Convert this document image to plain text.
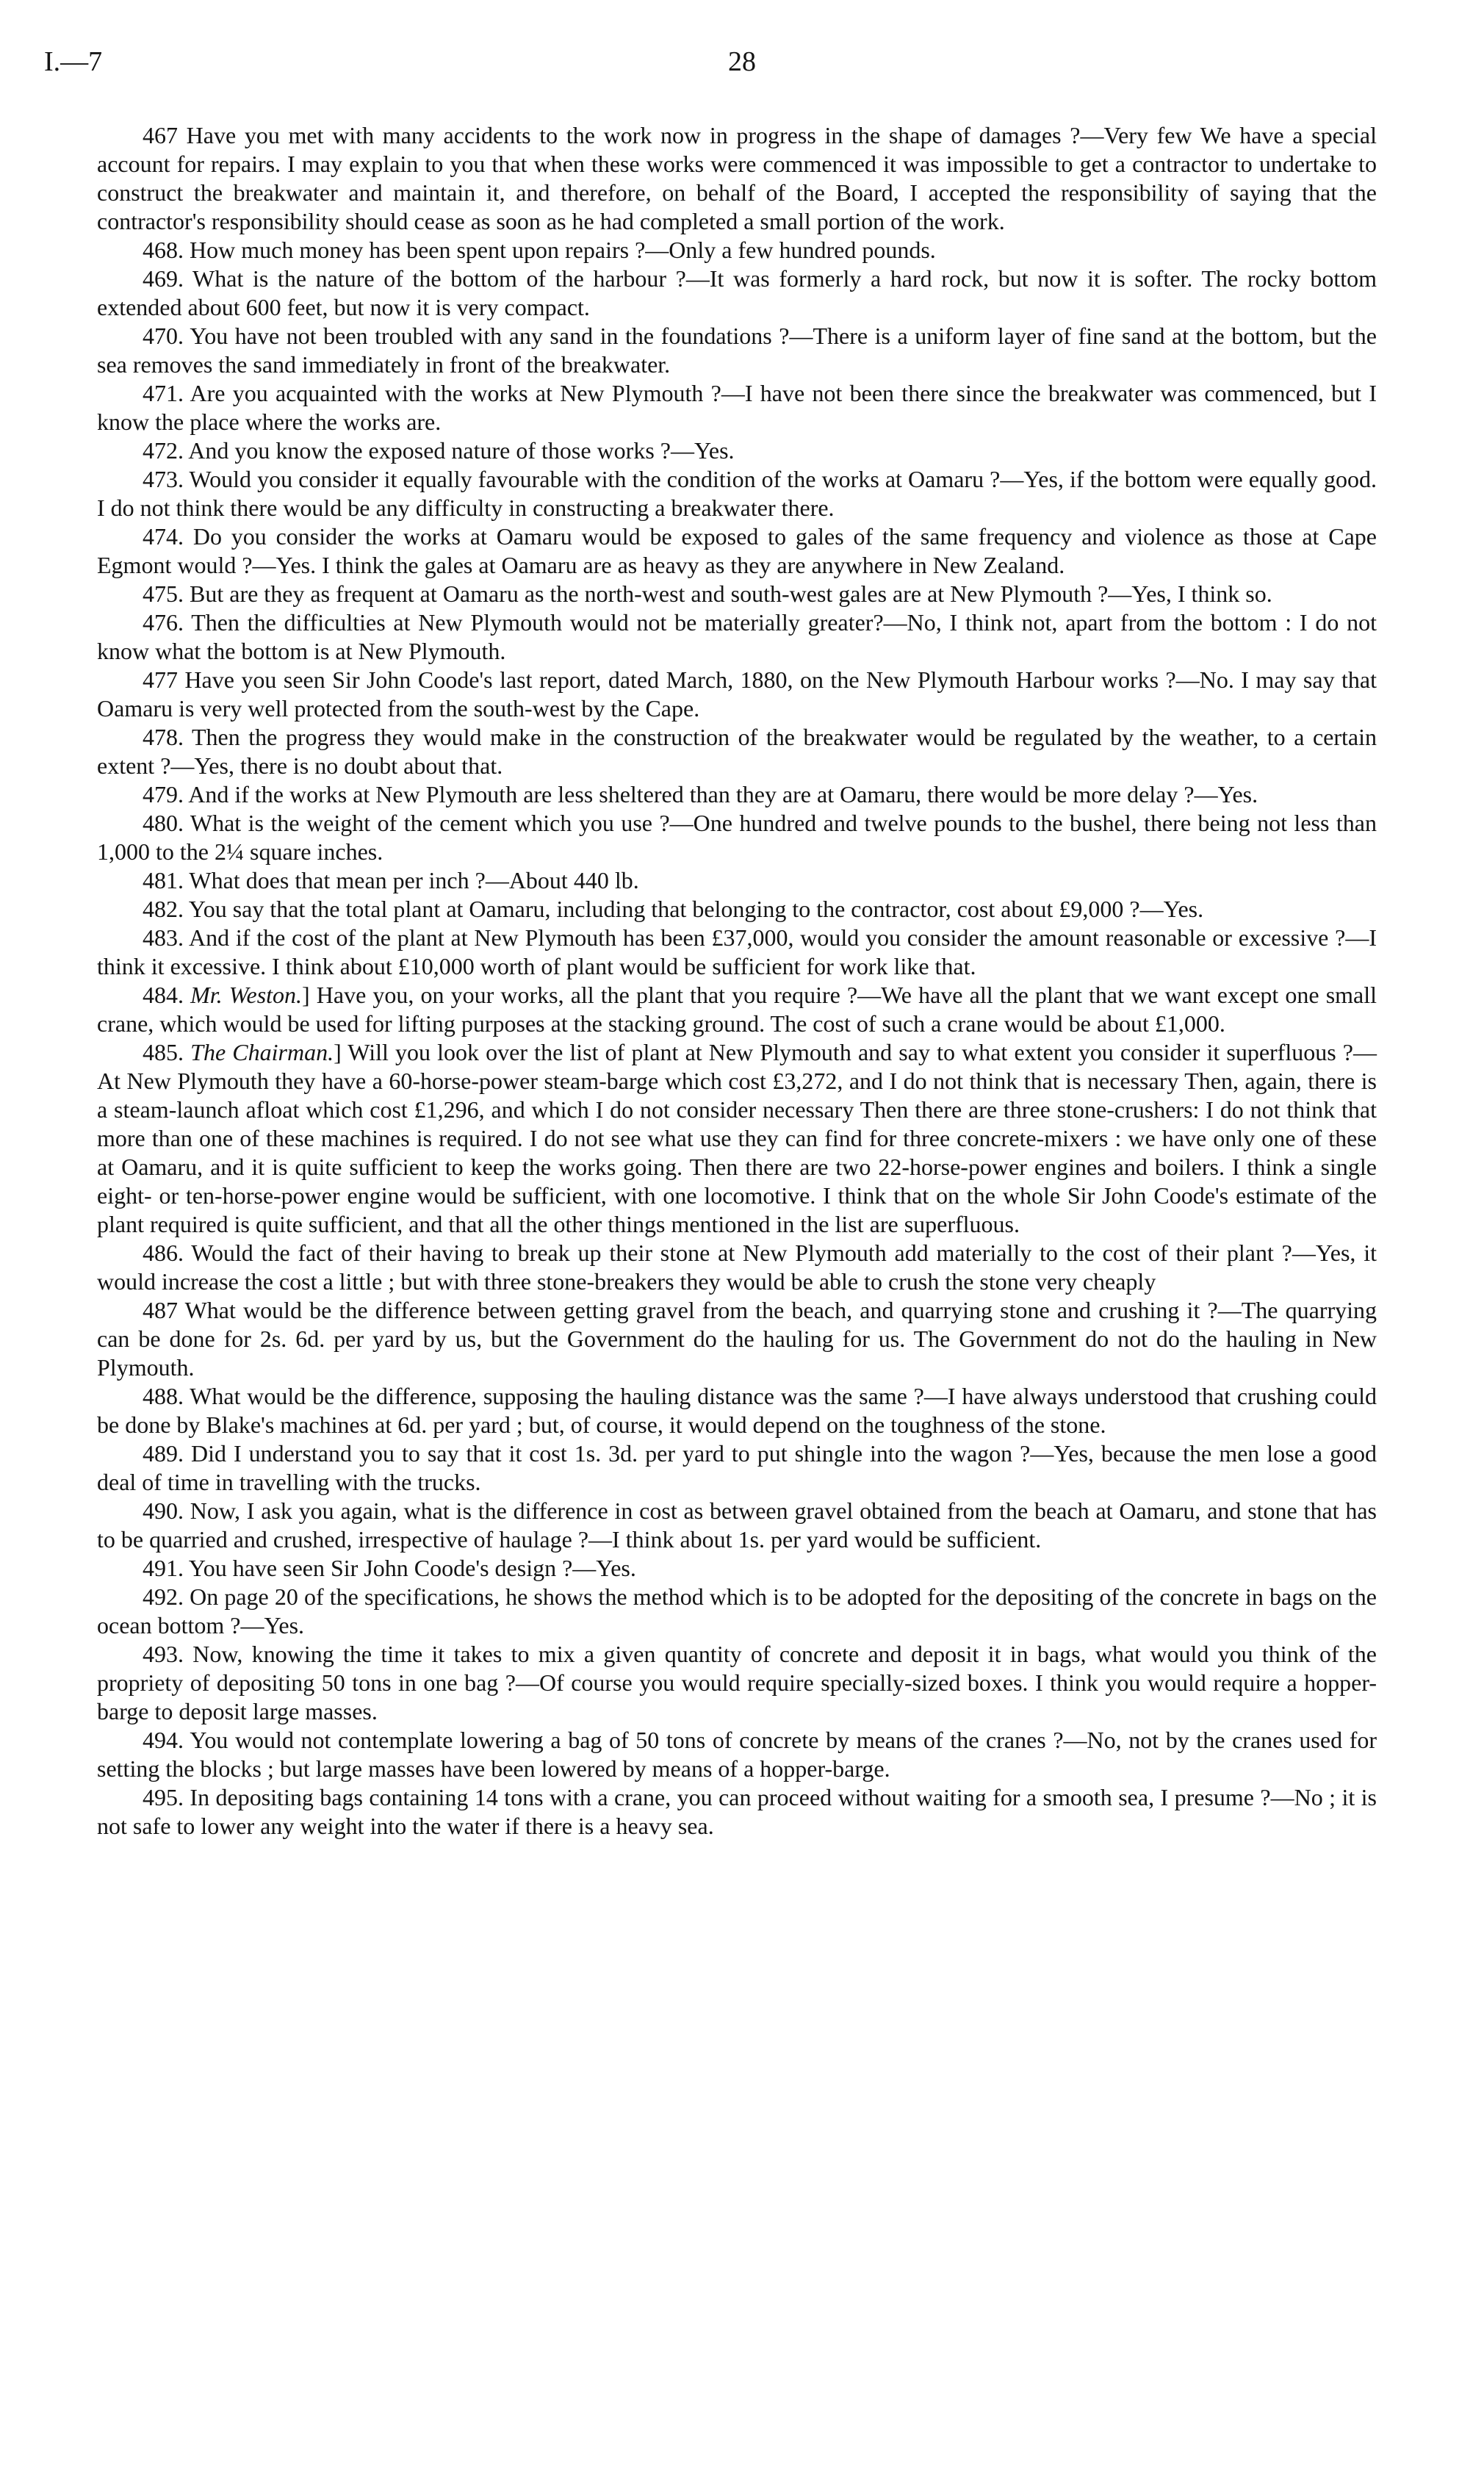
I.—7	28

467 Have you met with many accidents to the work now in progress in the shape of damages ?—Very few We have a special account for repairs. I may explain to you that when these works were commenced it was impossible to get a contractor to undertake to construct the breakwater and maintain it, and therefore, on behalf of the Board, I accepted the responsibility of saying that the contractor's responsibility should cease as soon as he had completed a small portion of the work.

468. How much money has been spent upon repairs ?—Only a few hundred pounds.

469. What is the nature of the bottom of the harbour ?—It was formerly a hard rock, but now it is softer. The rocky bottom extended about 600 feet, but now it is very compact.

470. You have not been troubled with any sand in the foundations ?—There is a uniform layer of fine sand at the bottom, but the sea removes the sand immediately in front of the breakwater.

471. Are you acquainted with the works at New Plymouth ?—I have not been there since the breakwater was commenced, but I know the place where the works are.

472. And you know the exposed nature of those works ?—Yes.

473. Would you consider it equally favourable with the condition of the works at Oamaru ?—Yes, if the bottom were equally good. I do not think there would be any difficulty in constructing a breakwater there.

474. Do you consider the works at Oamaru would be exposed to gales of the same frequency and violence as those at Cape Egmont would ?—Yes. I think the gales at Oamaru are as heavy as they are anywhere in New Zealand.

475. But are they as frequent at Oamaru as the north-west and south-west gales are at New Plymouth ?—Yes, I think so.

476. Then the difficulties at New Plymouth would not be materially greater?—No, I think not, apart from the bottom : I do not know what the bottom is at New Plymouth.

477 Have you seen Sir John Coode's last report, dated March, 1880, on the New Plymouth Harbour works ?—No. I may say that Oamaru is very well protected from the south-west by the Cape.

478. Then the progress they would make in the construction of the breakwater would be regulated by the weather, to a certain extent ?—Yes, there is no doubt about that.

479. And if the works at New Plymouth are less sheltered than they are at Oamaru, there would be more delay ?—Yes.

480. What is the weight of the cement which you use ?—One hundred and twelve pounds to the bushel, there being not less than 1,000 to the 2¼ square inches.

481. What does that mean per inch ?—About 440 lb.

482. You say that the total plant at Oamaru, including that belonging to the contractor, cost about £9,000 ?—Yes.

483. And if the cost of the plant at New Plymouth has been £37,000, would you consider the amount reasonable or excessive ?—I think it excessive. I think about £10,000 worth of plant would be sufficient for work like that.

484. Mr. Weston.] Have you, on your works, all the plant that you require ?—We have all the plant that we want except one small crane, which would be used for lifting purposes at the stacking ground. The cost of such a crane would be about £1,000.

485. The Chairman.] Will you look over the list of plant at New Plymouth and say to what extent you consider it superfluous ?—At New Plymouth they have a 60-horse-power steam-barge which cost £3,272, and I do not think that is necessary Then, again, there is a steam-launch afloat which cost £1,296, and which I do not consider necessary Then there are three stone-crushers: I do not think that more than one of these machines is required. I do not see what use they can find for three concrete-mixers : we have only one of these at Oamaru, and it is quite sufficient to keep the works going. Then there are two 22-horse-power engines and boilers. I think a single eight- or ten-horse-power engine would be sufficient, with one locomotive. I think that on the whole Sir John Coode's estimate of the plant required is quite sufficient, and that all the other things mentioned in the list are superfluous.

486. Would the fact of their having to break up their stone at New Plymouth add materially to the cost of their plant ?—Yes, it would increase the cost a little ; but with three stone-breakers they would be able to crush the stone very cheaply

487 What would be the difference between getting gravel from the beach, and quarrying stone and crushing it ?—The quarrying can be done for 2s. 6d. per yard by us, but the Government do the hauling for us. The Government do not do the hauling in New Plymouth.

488. What would be the difference, supposing the hauling distance was the same ?—I have always understood that crushing could be done by Blake's machines at 6d. per yard ; but, of course, it would depend on the toughness of the stone.

489. Did I understand you to say that it cost 1s. 3d. per yard to put shingle into the wagon ?—Yes, because the men lose a good deal of time in travelling with the trucks.

490. Now, I ask you again, what is the difference in cost as between gravel obtained from the beach at Oamaru, and stone that has to be quarried and crushed, irrespective of haulage ?—I think about 1s. per yard would be sufficient.

491. You have seen Sir John Coode's design ?—Yes.

492. On page 20 of the specifications, he shows the method which is to be adopted for the depositing of the concrete in bags on the ocean bottom ?—Yes.

493. Now, knowing the time it takes to mix a given quantity of concrete and deposit it in bags, what would you think of the propriety of depositing 50 tons in one bag ?—Of course you would require specially-sized boxes. I think you would require a hopper-barge to deposit large masses.

494. You would not contemplate lowering a bag of 50 tons of concrete by means of the cranes ?—No, not by the cranes used for setting the blocks ; but large masses have been lowered by means of a hopper-barge.

495. In depositing bags containing 14 tons with a crane, you can proceed without waiting for a smooth sea, I presume ?—No ; it is not safe to lower any weight into the water if there is a heavy sea.
